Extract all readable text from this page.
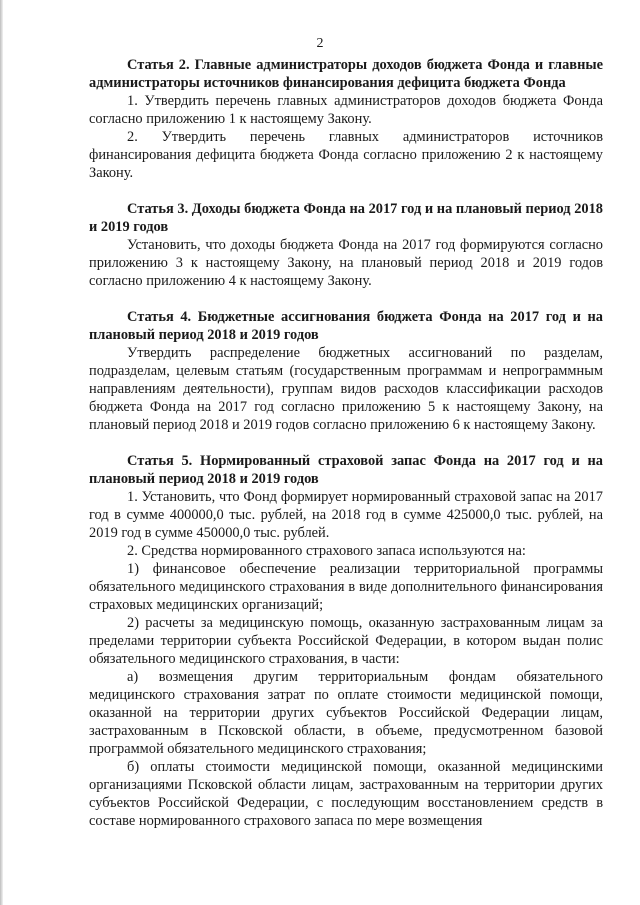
2

Статья 2. Главные администраторы доходов бюджета Фонда и главные администраторы источников финансирования дефицита бюджета Фонда

1. Утвердить перечень главных администраторов доходов бюджета Фонда согласно приложению 1 к настоящему Закону.

2. Утвердить перечень главных администраторов источников финансирования дефицита бюджета Фонда согласно приложению 2 к настоящему Закону.

Статья 3. Доходы бюджета Фонда на 2017 год и на плановый период 2018 и 2019 годов

Установить, что доходы бюджета Фонда на 2017 год формируются согласно приложению 3 к настоящему Закону, на плановый период 2018 и 2019 годов согласно приложению 4 к настоящему Закону.

Статья 4. Бюджетные ассигнования бюджета Фонда на 2017 год и на плановый период 2018 и 2019 годов

Утвердить распределение бюджетных ассигнований по разделам, подразделам, целевым статьям (государственным программам и непрограммным направлениям деятельности), группам видов расходов классификации расходов бюджета Фонда на 2017 год согласно приложению 5 к настоящему Закону, на плановый период 2018 и 2019 годов согласно приложению 6 к настоящему Закону.

Статья 5. Нормированный страховой запас Фонда на 2017 год и на плановый период 2018 и 2019 годов

1. Установить, что Фонд формирует нормированный страховой запас на 2017 год в сумме 400000,0 тыс. рублей, на 2018 год в сумме 425000,0 тыс. рублей, на 2019 год в сумме 450000,0 тыс. рублей.

2. Средства нормированного страхового запаса используются на:

1) финансовое обеспечение реализации территориальной программы обязательного медицинского страхования в виде дополнительного финансирования страховых медицинских организаций;

2) расчеты за медицинскую помощь, оказанную застрахованным лицам за пределами территории субъекта Российской Федерации, в котором выдан полис обязательного медицинского страхования, в части:

а) возмещения другим территориальным фондам обязательного медицинского страхования затрат по оплате стоимости медицинской помощи, оказанной на территории других субъектов Российской Федерации лицам, застрахованным в Псковской области, в объеме, предусмотренном базовой программой обязательного медицинского страхования;

б) оплаты стоимости медицинской помощи, оказанной медицинскими организациями Псковской области лицам, застрахованным на территории других субъектов Российской Федерации, с последующим восстановлением средств в составе нормированного страхового запаса по мере возмещения
